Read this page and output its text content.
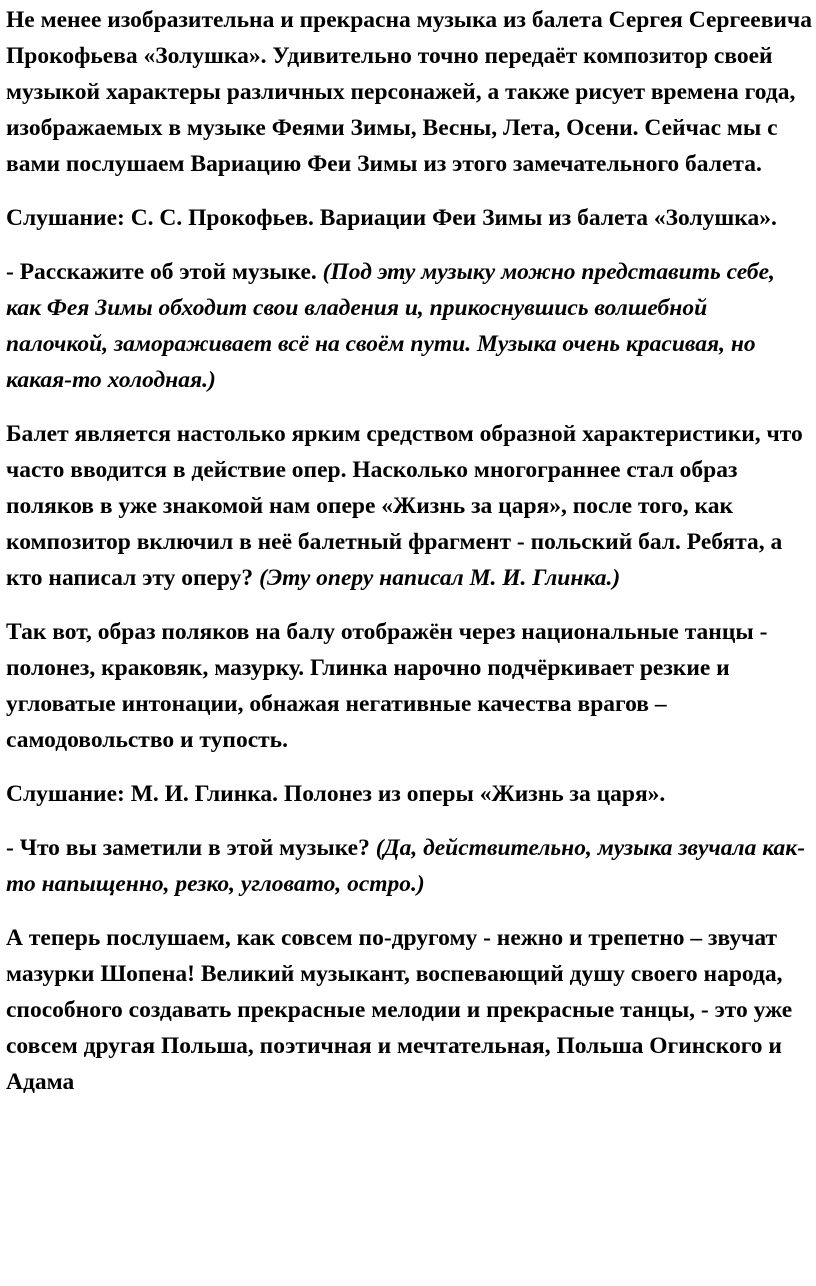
Не менее изобразительна и прекрасна музыка из балета Сергея Сергеевича Прокофьева «Золушка». Удивительно точно передаёт композитор своей музыкой характеры различных персонажей, а также рисует времена года, изображаемых в музыке Феями Зимы, Весны, Лета, Осени. Сейчас мы с вами послушаем Вариацию Феи Зимы из этого замечательного балета.

Слушание: С. С. Прокофьев. Вариации Феи Зимы из балета «Золушка».

- Расскажите об этой музыке. (Под эту музыку можно представить себе, как Фея Зимы обходит свои владения и, прикоснувшись волшебной палочкой, замораживает всё на своём пути. Музыка очень красивая, но какая-то холодная.)

Балет является настолько ярким средством образной характеристики, что часто вводится в действие опер. Насколько многограннее стал образ поляков в уже знакомой нам опере «Жизнь за царя», после того, как композитор включил в неё балетный фрагмент - польский бал. Ребята, а кто написал эту оперу? (Эту оперу написал М. И. Глинка.)

Так вот, образ поляков на балу отображён через национальные танцы - полонез, краковяк, мазурку. Глинка нарочно подчёркивает резкие и угловатые интонации, обнажая негативные качества врагов – самодовольство и тупость.

Слушание: М. И. Глинка. Полонез из оперы «Жизнь за царя».

- Что вы заметили в этой музыке? (Да, действительно, музыка звучала как-то напыщенно, резко, угловато, остро.)

А теперь послушаем, как совсем по-другому - нежно и трепетно – звучат мазурки Шопена! Великий музыкант, воспевающий душу своего народа, способного создавать прекрасные мелодии и прекрасные танцы, - это уже совсем другая Польша, поэтичная и мечтательная, Польша Огинского и Адама
